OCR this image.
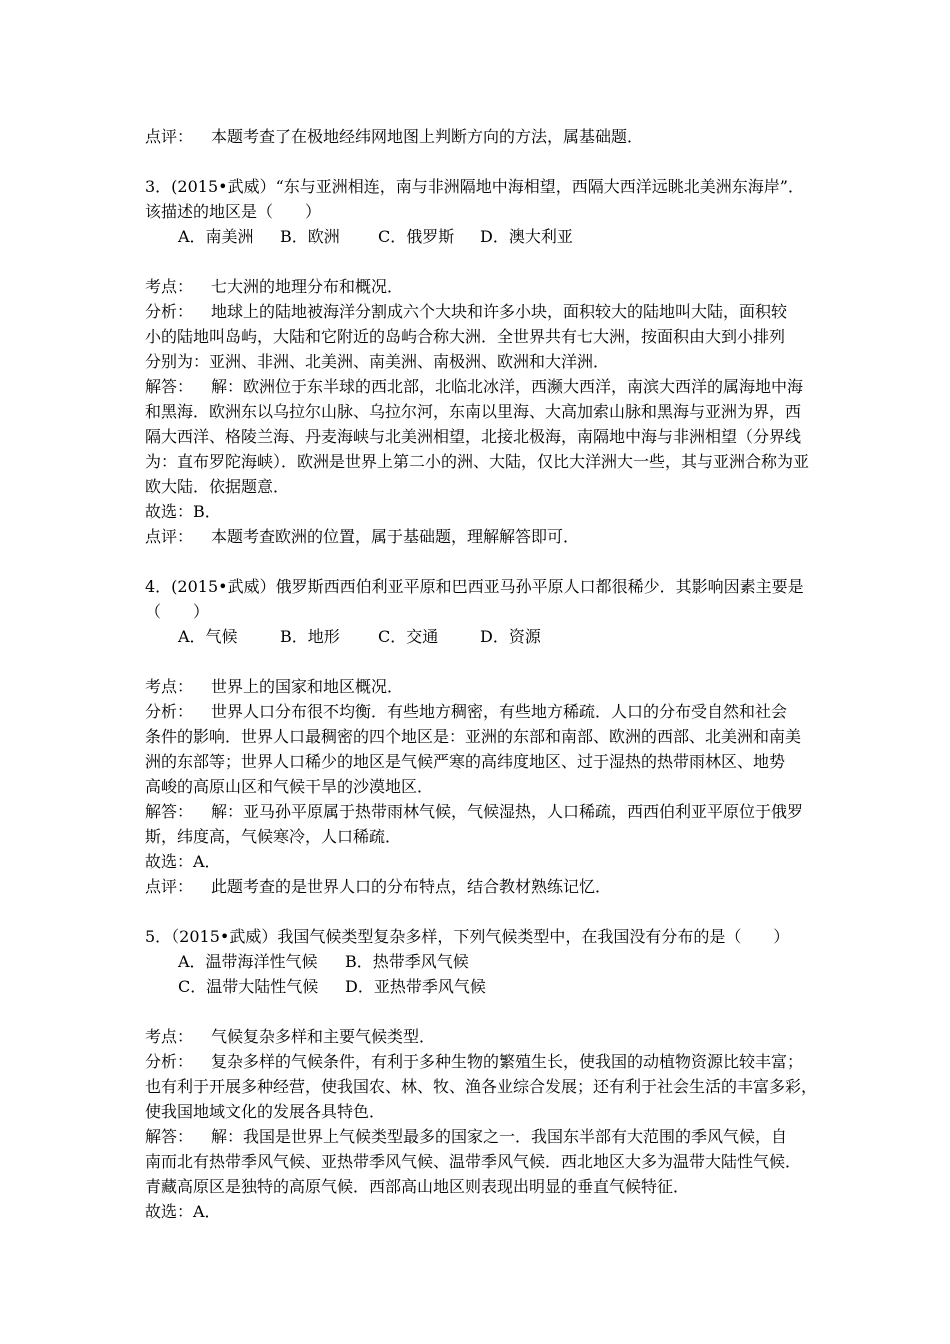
点评： 本题考查了在极地经纬网地图上判断方向的方法，属基础题．
3．(2015•武威）“东与亚洲相连，南与非洲隔地中海相望，西隔大西洋远眺北美洲东海岸”．
该描述的地区是（　　）
A．南美洲 B．欧洲 C．俄罗斯 D．澳大利亚
考点： 七大洲的地理分布和概况．
分析： 地球上的陆地被海洋分割成六个大块和许多小块，面积较大的陆地叫大陆，面积较
小的陆地叫岛屿，大陆和它附近的岛屿合称大洲．全世界共有七大洲，按面积由大到小排列
分别为：亚洲、非洲、北美洲、南美洲、南极洲、欧洲和大洋洲．
解答： 解：欧洲位于东半球的西北部，北临北冰洋，西濒大西洋，南滨大西洋的属海地中海
和黑海．欧洲东以乌拉尔山脉、乌拉尔河，东南以里海、大高加索山脉和黑海与亚洲为界，西
隔大西洋、格陵兰海、丹麦海峡与北美洲相望，北接北极海，南隔地中海与非洲相望（分界线
为：直布罗陀海峡）．欧洲是世界上第二小的洲、大陆，仅比大洋洲大一些，其与亚洲合称为亚
欧大陆．依据题意．
故选：B．
点评： 本题考查欧洲的位置，属于基础题，理解解答即可．
4．(2015•武威）俄罗斯西西伯利亚平原和巴西亚马孙平原人口都很稀少．其影响因素主要是
（　　）
A．气候	B．地形 C．交通	D．资源
考点： 世界上的国家和地区概况．
分析： 世界人口分布很不均衡．有些地方稠密，有些地方稀疏．人口的分布受自然和社会
条件的影响．世界人口最稠密的四个地区是：亚洲的东部和南部、欧洲的西部、北美洲和南美
洲的东部等；世界人口稀少的地区是气候严寒的高纬度地区、过于湿热的热带雨林区、地势
高峻的高原山区和气候干旱的沙漠地区．
解答： 解：亚马孙平原属于热带雨林气候，气候湿热，人口稀疏，西西伯利亚平原位于俄罗
斯，纬度高，气候寒冷，人口稀疏．
故选：A．
点评： 此题考查的是世界人口的分布特点，结合教材熟练记忆．
5．（2015•武威）我国气候类型复杂多样，下列气候类型中，在我国没有分布的是（　　）
A．温带海洋性气候 B．热带季风气候
C．温带大陆性气候 D．亚热带季风气候
考点： 气候复杂多样和主要气候类型．
分析： 复杂多样的气候条件，有利于多种生物的繁殖生长，使我国的动植物资源比较丰富；
也有利于开展多种经营，使我国农、林、牧、渔各业综合发展；还有利于社会生活的丰富多彩，
使我国地域文化的发展各具特色．
解答： 解：我国是世界上气候类型最多的国家之一．我国东半部有大范围的季风气候，自
南而北有热带季风气候、亚热带季风气候、温带季风气候．西北地区大多为温带大陆性气候．
青藏高原区是独特的高原气候．西部高山地区则表现出明显的垂直气候特征．
故选：A．
